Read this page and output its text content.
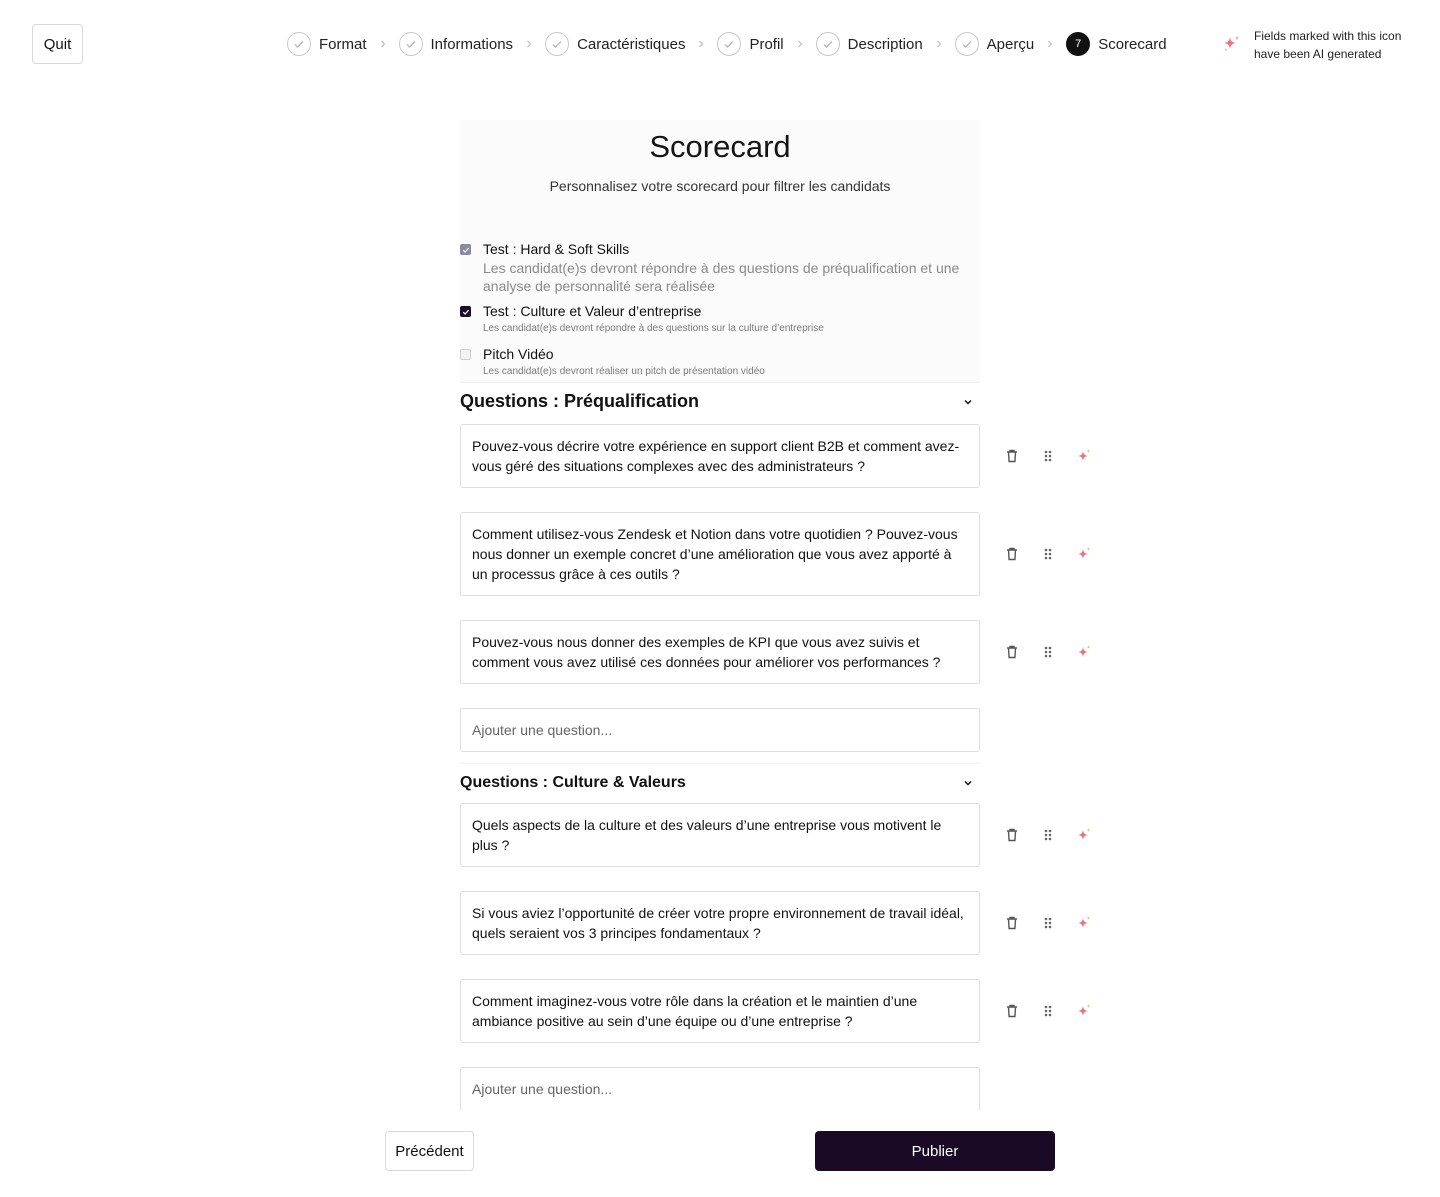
Quit	Format	Informations	Caractéristiques	Profil	Description	Aperçu	7	Scorecard	Fields marked with this icon
have been AI generated
Scorecard
Personnalisez votre scorecard pour filtrer les candidats
Test : Hard & Soft Skills
Les candidat(e)s devront répondre à des questions de préqualification et une analyse de personnalité sera réalisée
Test : Culture et Valeur d’entreprise
Les candidat(e)s devront répondre à des questions sur la culture d’entreprise
Pitch Vidéo
Les candidat(e)s devront réaliser un pitch de présentation vidéo
Questions : Préqualification
Pouvez-vous décrire votre expérience en support client B2B et comment avez-vous géré des situations complexes avec des administrateurs ?
Comment utilisez-vous Zendesk et Notion dans votre quotidien ? Pouvez-vous nous donner un exemple concret d’une amélioration que vous avez apporté à un processus grâce à ces outils ?
Pouvez-vous nous donner des exemples de KPI que vous avez suivis et comment vous avez utilisé ces données pour améliorer vos performances ?
Ajouter une question...
Questions : Culture & Valeurs
Quels aspects de la culture et des valeurs d’une entreprise vous motivent le plus ?
Si vous aviez l’opportunité de créer votre propre environnement de travail idéal, quels seraient vos 3 principes fondamentaux ?
Comment imaginez-vous votre rôle dans la création et le maintien d’une ambiance positive au sein d’une équipe ou d’une entreprise ?
Ajouter une question...
Précédent	Publier
